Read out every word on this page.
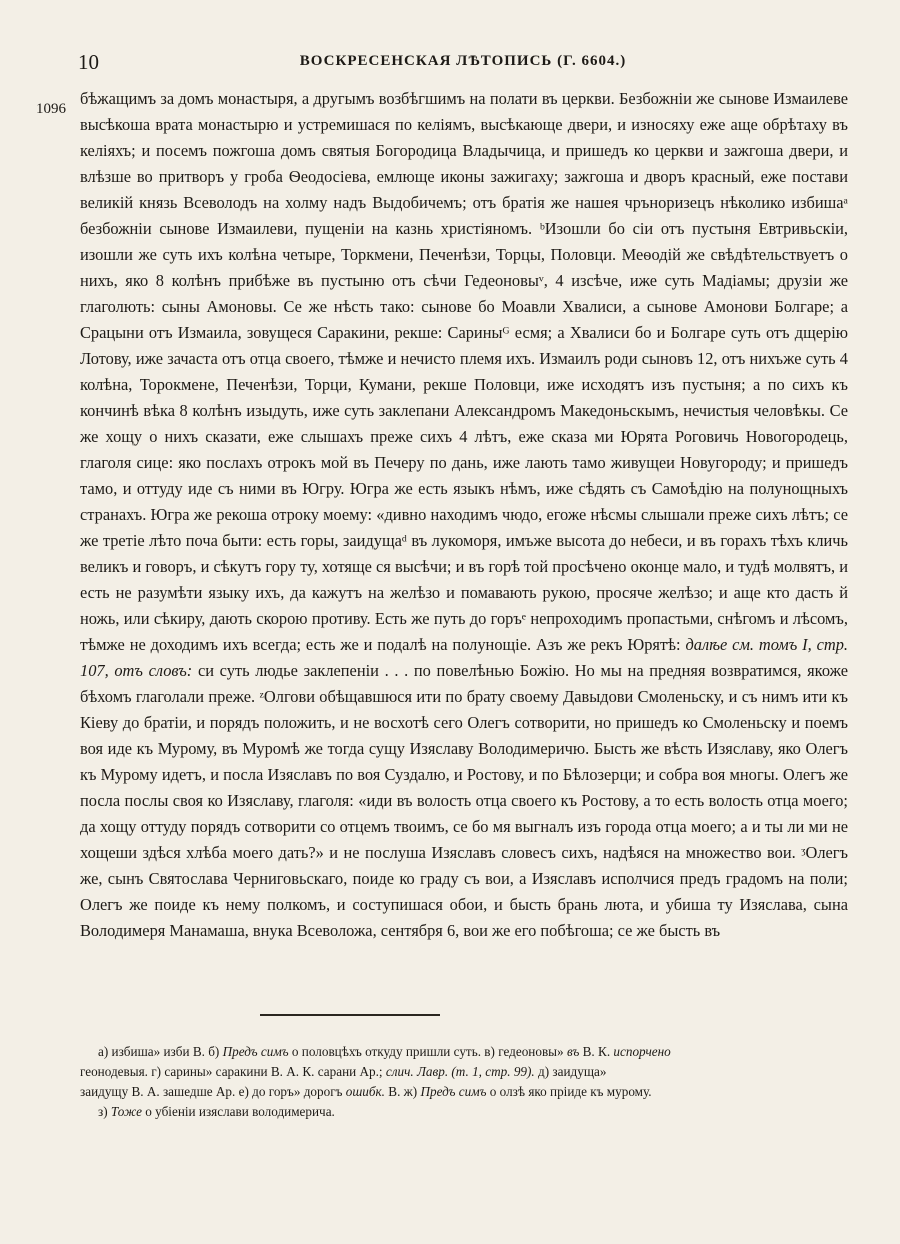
10	ВОСКРЕСЕНСКАЯ ЛѢТОПИСЬ (Г. 6604.)
1096

бѣжащимъ за домъ монастыря, а другымъ возбѣгшимъ на полати въ церкви. Безбожніи же сынове Измаилеве высѣкоша врата монастырю и устремишася по келіямъ, высѣкающе двери, и износяху еже аще обрѣтаху въ келіяхъ; и посемъ пожгоша домъ святыя Богородица Владычица, и пришедъ ко церкви и зажгоша двери, и влѣзше во притворъ у гроба Ѳеодосіева, емлюще иконы зажигаху; зажгоша и дворъ красный, еже постави великій князь Всеволодъ на холму надъ Выдобичемъ; отъ братія же нашея чръноризецъ нѣколико избишаᵃ безбожніи сынове Измаилеви, пущеніи на казнь христіяномъ. ᵇИзошли бо сіи отъ пустыня Евтривьскіи, изошли же суть ихъ колѣна четыре, Торкмени, Печенѣзи, Торцы, Половци. Меѳодій же свѣдѣтельствуетъ о нихъ, яко 8 колѣнъ прибѣже въ пустыню отъ сѣчи Гедеоновыᵛ, 4 изсѣче, иже суть Мадіамы; друзіи же глаголють: сыны Амоновы. Се же нѣсть тако: сынове бо Моавли Хвалиси, а сынове Амонови Болгаре; а Срацыни отъ Измаила, зовущеся Саракини, рекше: Сариныᴳ есмя; а Хвалиси бо и Болгаре суть отъ дщерію Лотову, иже зачаста отъ отца своего, тѣмже и нечисто племя ихъ. Измаилъ роди сыновъ 12, отъ нихъже суть 4 колѣна, Торокмене, Печенѣзи, Торци, Кумани, рекше Половци, иже исходятъ изъ пустыня; а по сихъ къ кончинѣ вѣка 8 колѣнъ изыдуть, иже суть заклепани Александромъ Македоньскымъ, нечистыя человѣкы. Се же хощу о нихъ сказати, еже слышахъ преже сихъ 4 лѣтъ, еже сказа ми Юрята Роговичь Новогородець, глаголя сице: яко послахъ отрокъ мой въ Печеру по дань, иже лають тамо живущеи Новугороду; и пришедъ тамо, и оттуду иде съ ними въ Югру. Югра же есть языкъ нѣмъ, иже сѣдять съ Самоѣдію на полунощныхъ странахъ. Югра же рекоша отроку моему: «дивно находимъ чюдо, егоже нѣсмы слышали преже сихъ лѣтъ; се же третіе лѣто поча быти: есть горы, заидущаᵈ въ лукоморя, имъже высота до небеси, и въ горахъ тѣхъ кличь великъ и говоръ, и сѣкутъ гору ту, хотяще ся высѣчи; и въ горѣ той просѣчено оконце мало, и тудѣ молвятъ, и есть не разумѣти языку ихъ, да кажутъ на желѣзо и помавають рукою, просяче желѣзо; и аще кто дасть й ножь, или сѣкиру, дають скорою противу. Есть же путь до горъᵉ непроходимъ пропастьми, снѣгомъ и лѣсомъ, тѣмже не доходимъ ихъ всегда; есть же и подалѣ на полунощіе. Азъ же рекъ Юрятѣ: далѣе см. томъ I, стр. 107, отъ словъ: си суть людье заклепеніи . . . по повелѣнью Божію. Но мы на предняя возвратимся, якоже бѣхомъ глаголали преже. ᶻОлгови обѣщавшюся ити по брату своему Давыдови Смоленьску, и съ нимъ ити къ Кіеву до братіи, и порядъ положить, и не восхотѣ сего Олегъ сотворити, но пришедъ ко Смоленьску и поемъ воя иде къ Мурому, въ Муромѣ же тогда сущу Изяславу Володимеричю. Бысть же вѣсть Изяславу, яко Олегъ къ Мурому идетъ, и посла Изяславъ по воя Суздалю, и Ростову, и по Бѣлозерци; и собра воя многы. Олегъ же посла послы своя ко Изяславу, глаголя: «иди въ волость отца своего къ Ростову, а то есть волость отца моего; да хощу оттуду порядъ сотворити со отцемъ твоимъ, се бо мя выгналъ изъ города отца моего; а и ты ли ми не хощеши здѣся хлѣба моего дать?» и не послуша Изяславъ словесъ сихъ, надѣяся на множество вои. ᶾОлегъ же, сынъ Святослава Черниговьскаго, поиде ко граду съ вои, а Изяславъ исполчися предъ градомъ на поли; Олегъ же поиде къ нему полкомъ, и соступишася обои, и бысть брань люта, и убиша ту Изяслава, сына Володимеря Манамаша, внука Всеволожа, сентября 6, вои же его побѣгоша; се же бысть въ

а) избиша» изби В. б) Предъ симъ о половцѣхъ откуду пришли суть. в) гедеоновы» въ В. К. испорчено

геонодевыя. г) сарины» саракини В. А. К. сарани Ар.; слич. Лавр. (т. 1, стр. 99). д) заидуща»

заидущу В. А. зашедше Ар. е) до горъ» дорогъ ошибк. В. ж) Предъ симъ о олзѣ яко пріиде къ мурому.

з) Тоже о убіеніи изяслави володимерича.
